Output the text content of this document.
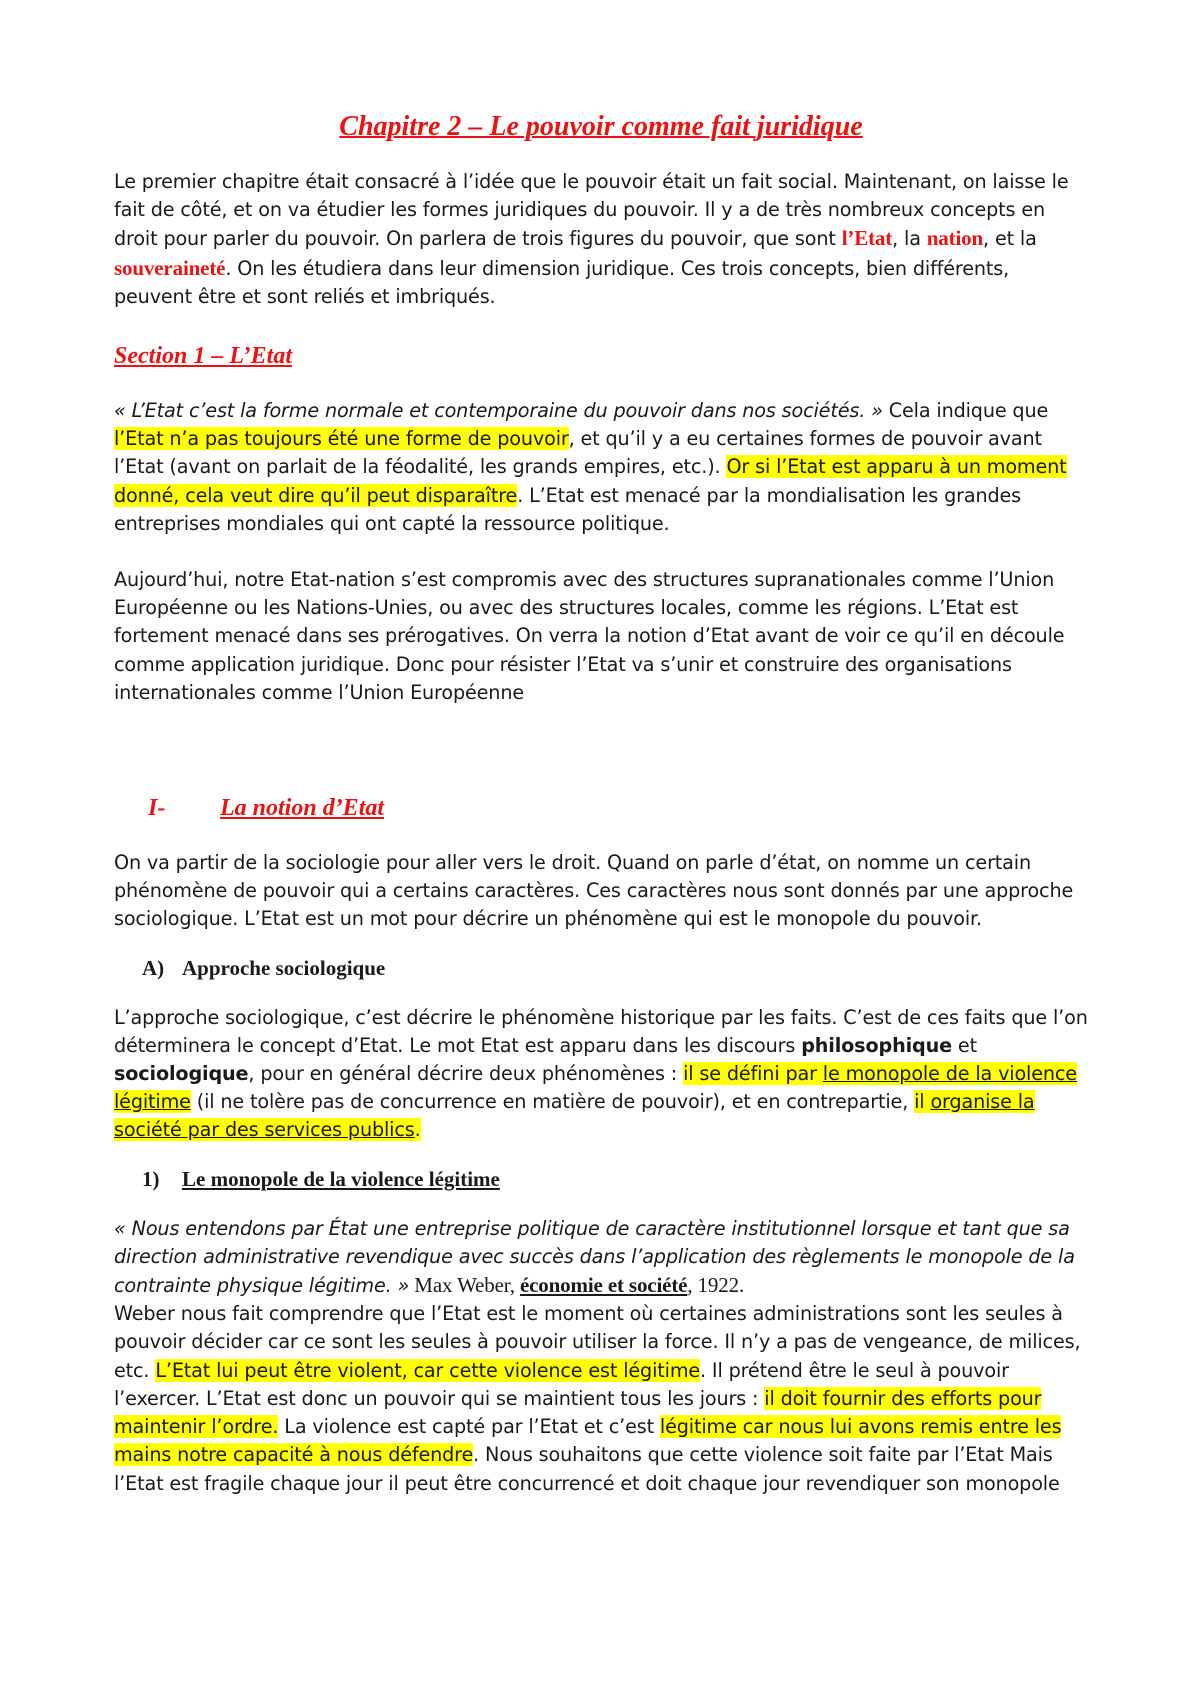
Chapitre 2 – Le pouvoir comme fait juridique

Le premier chapitre était consacré à l’idée que le pouvoir était un fait social. Maintenant, on laisse le fait de côté, et on va étudier les formes juridiques du pouvoir. Il y a de très nombreux concepts en droit pour parler du pouvoir. On parlera de trois figures du pouvoir, que sont l’Etat, la nation, et la souveraineté. On les étudiera dans leur dimension juridique. Ces trois concepts, bien différents, peuvent être et sont reliés et imbriqués.

Section 1 – L’Etat

« L’Etat c’est la forme normale et contemporaine du pouvoir dans nos sociétés. » Cela indique que l’Etat n’a pas toujours été une forme de pouvoir, et qu’il y a eu certaines formes de pouvoir avant l’Etat (avant on parlait de la féodalité, les grands empires, etc.). Or si l’Etat est apparu à un moment donné, cela veut dire qu’il peut disparaître. L’Etat est menacé par la mondialisation les grandes entreprises mondiales qui ont capté la ressource politique.

Aujourd’hui, notre Etat-nation s’est compromis avec des structures supranationales comme l’Union Européenne ou les Nations-Unies, ou avec des structures locales, comme les régions. L’Etat est fortement menacé dans ses prérogatives. On verra la notion d’Etat avant de voir ce qu’il en découle comme application juridique. Donc pour résister l’Etat va s’unir et construire des organisations internationales comme l’Union Européenne

I-	La notion d’Etat

On va partir de la sociologie pour aller vers le droit. Quand on parle d’état, on nomme un certain phénomène de pouvoir qui a certains caractères. Ces caractères nous sont donnés par une approche sociologique. L’Etat est un mot pour décrire un phénomène qui est le monopole du pouvoir.

A) Approche sociologique

L’approche sociologique, c’est décrire le phénomène historique par les faits. C’est de ces faits que l’on déterminera le concept d’Etat. Le mot Etat est apparu dans les discours philosophique et sociologique, pour en général décrire deux phénomènes : il se défini par le monopole de la violence légitime (il ne tolère pas de concurrence en matière de pouvoir), et en contrepartie, il organise la société par des services publics.

1) Le monopole de la violence légitime

« Nous entendons par État une entreprise politique de caractère institutionnel lorsque et tant que sa direction administrative revendique avec succès dans l’application des règlements le monopole de la contrainte physique légitime. » Max Weber, économie et société, 1922.
Weber nous fait comprendre que l’Etat est le moment où certaines administrations sont les seules à pouvoir décider car ce sont les seules à pouvoir utiliser la force. Il n’y a pas de vengeance, de milices, etc. L’Etat lui peut être violent, car cette violence est légitime. Il prétend être le seul à pouvoir l’exercer. L’Etat est donc un pouvoir qui se maintient tous les jours : il doit fournir des efforts pour maintenir l’ordre. La violence est capté par l’Etat et c’est légitime car nous lui avons remis entre les mains notre capacité à nous défendre. Nous souhaitons que cette violence soit faite par l’Etat Mais l’Etat est fragile chaque jour il peut être concurrencé et doit chaque jour revendiquer son monopole
